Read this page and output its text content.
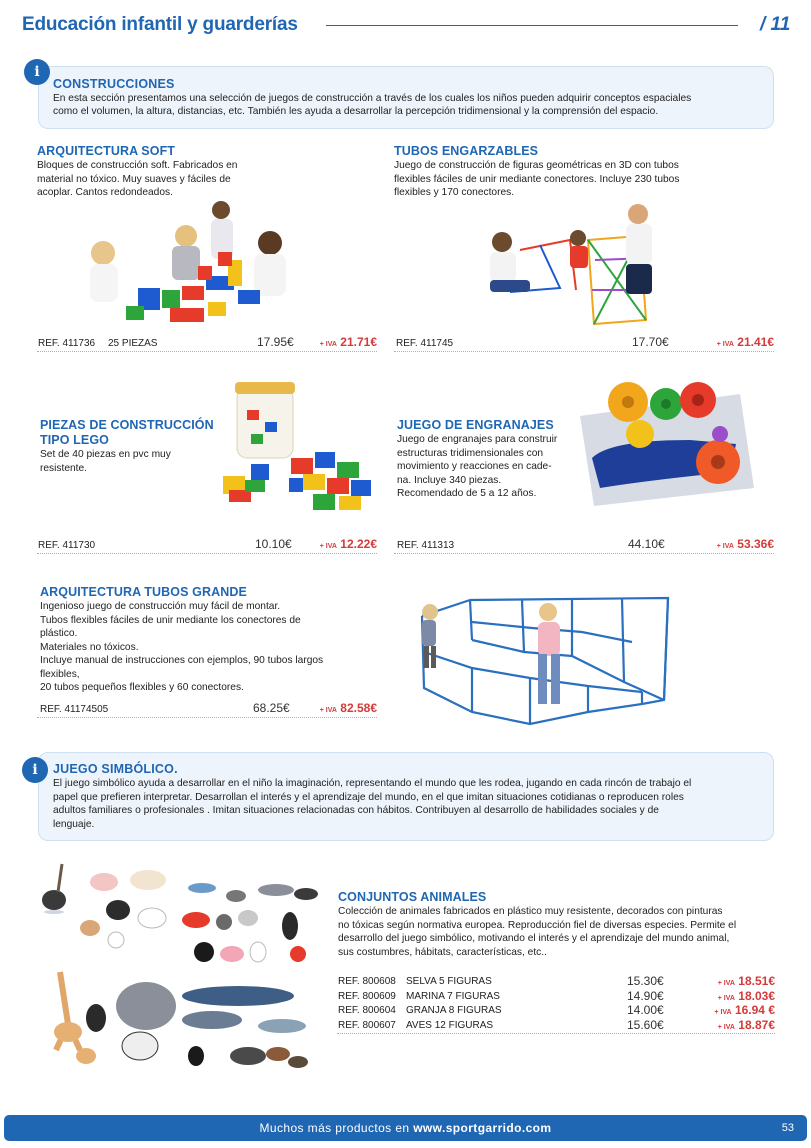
Educación infantil y guarderías	/ 11
i
CONSTRUCCIONES
En esta sección presentamos una selección de juegos de construcción a través de los cuales los niños pueden adquirir conceptos espaciales
como el volumen, la altura, distancias, etc. También les ayuda a desarrollar la percepción tridimensional y la comprensión del espacio.
ARQUITECTURA SOFT
Bloques de construcción soft. Fabricados en
material no tóxico. Muy suaves y fáciles de
acoplar. Cantos redondeados.
REF. 411736 25 PIEZAS	17.95€	+ IVA 21.71€
TUBOS ENGARZABLES
Juego de construcción de figuras geométricas en 3D con tubos
flexibles fáciles de unir mediante conectores. Incluye 230 tubos
flexibles y 170 conectores.
REF. 411745	17.70€	+ IVA 21.41€
PIEZAS DE CONSTRUCCIÓN
TIPO LEGO
Set de 40 piezas en pvc muy
resistente.
REF. 411730	10.10€	+ IVA 12.22€
JUEGO DE ENGRANAJES
Juego de engranajes para construir
estructuras tridimensionales con
movimiento y reacciones en cade-
na. Incluye 340 piezas.
Recomendado de 5 a 12 años.
REF. 411313	44.10€	+ IVA 53.36€
ARQUITECTURA TUBOS GRANDE
Ingenioso juego de construcción muy fácil de montar.
Tubos flexibles fáciles de unir mediante los conectores de
plástico.
Materiales no tóxicos.
Incluye manual de instrucciones con ejemplos, 90 tubos largos
flexibles,
20 tubos pequeños flexibles y 60 conectores.
REF. 41174505	68.25€	+ IVA 82.58€
i	JUEGO SIMBÓLICO.
El juego simbólico ayuda a desarrollar en el niño la imaginación, representando el mundo que les rodea, jugando en cada rincón de trabajo el
papel que prefieren interpretar. Desarrollan el interés y el aprendizaje del mundo, en el que imitan situaciones cotidianas o reproducen roles
adultos familiares o profesionales . Imitan situaciones relacionadas con hábitos. Contribuyen al desarrollo de habilidades sociales y de
lenguaje.
CONJUNTOS ANIMALES
Colección de animales fabricados en plástico muy resistente, decorados con pinturas
no tóxicas según normativa europea. Reproducción fiel de diversas especies. Permite el
desarrollo del juego simbólico, motivando el interés y el aprendizaje del mundo animal,
sus costumbres, hábitats, características, etc..
REF. 800608 SELVA 5 FIGURAS	15.30€	+ IVA 18.51€
REF. 800609 MARINA 7 FIGURAS	14.90€	+ IVA 18.03€
REF. 800604 GRANJA 8 FIGURAS	14.00€	+ IVA 16.94 €
REF. 800607 AVES 12 FIGURAS	15.60€	+ IVA 18.87€
Muchos más productos en www.sportgarrido.com	53
